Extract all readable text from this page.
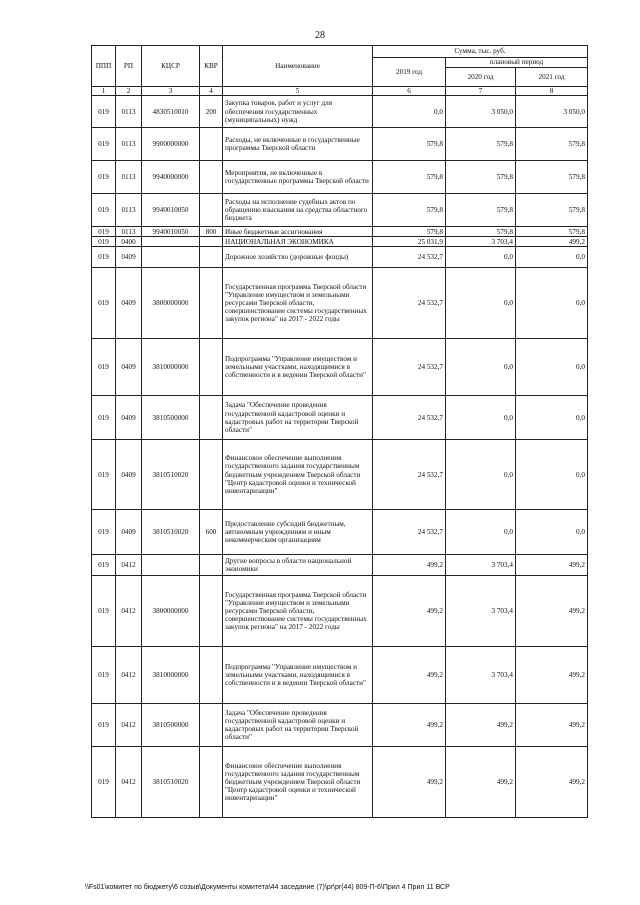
28
ППП	РП	КЦСР	КВР	Наименование	Сумма, тыс. руб.		
					2019 год	плановый период	
						2020 год	2021 год
1	2	3	4	5	6	7	8
019	0113	4830510010	200	Закупка товаров, работ и услуг для обеспечения государственных (муниципальных) нужд	0,0	3 050,0	3 050,0
019	0113	9900000000		Расходы, не включенные в государственные программы Тверской области	579,8	579,8	579,8
019	0113	9940000000		Мероприятия, не включенные в государственные программы Тверской области	579,8	579,8	579,8
019	0113	9940010050		Расходы на исполнение судебных актов по обращению взыскания на средства областного бюджета	579,8	579,8	579,8
019	0113	9940010050	800	Иные бюджетные ассигнования	579,8	579,8	579,8
019	0400			НАЦИОНАЛЬНАЯ ЭКОНОМИКА	25 031,9	3 703,4	499,2
019	0409			Дорожное хозяйство (дорожные фонды)	24 532,7	0,0	0,0
019	0409	3800000000		Государственная программа Тверской области "Управление имуществом и земельными ресурсами Тверской области, совершенствование системы государственных закупок региона" на 2017 - 2022 годы	24 532,7	0,0	0,0
019	0409	3810000000		Подпрограмма "Управление имуществом и земельными участками, находящимися в собственности и в ведении Тверской области"	24 532,7	0,0	0,0
019	0409	3810500000		Задача "Обеспечение проведения государственной кадастровой оценки и кадастровых работ на территории Тверской области"	24 532,7	0,0	0,0
019	0409	3810510020		Финансовое обеспечение выполнения государственного задания государственным бюджетным учреждением Тверской области "Центр кадастровой оценки и технической инвентаризации"	24 532,7	0,0	0,0
019	0409	3810510020	600	Предоставление субсидий бюджетным, автономным учреждениям и иным некоммерческим организациям	24 532,7	0,0	0,0
019	0412			Другие вопросы в области национальной экономики	499,2	3 703,4	499,2
019	0412	3800000000		Государственная программа Тверской области "Управление имуществом и земельными ресурсами Тверской области, совершенствование системы государственных закупок региона" на 2017 - 2022 годы	499,2	3 703,4	499,2
019	0412	3810000000		Подпрограмма "Управление имуществом и земельными участками, находящимися в собственности и в ведении Тверской области"	499,2	3 703,4	499,2
019	0412	3810500000		Задача "Обеспечение проведения государственной кадастровой оценки и кадастровых работ на территории Тверской области"	499,2	499,2	499,2
019	0412	3810510020		Финансовое обеспечение выполнения государственного задания государственным бюджетным учреждением Тверской области "Центр кадастровой оценки и технической инвентаризации"	499,2	499,2	499,2
\\Fs01\комитет по бюджету\6 созыв\Документы комитета\44 заседание (7)\pr\pr(44) 809-П-6\Прил 4 Прил 11 ВСР
